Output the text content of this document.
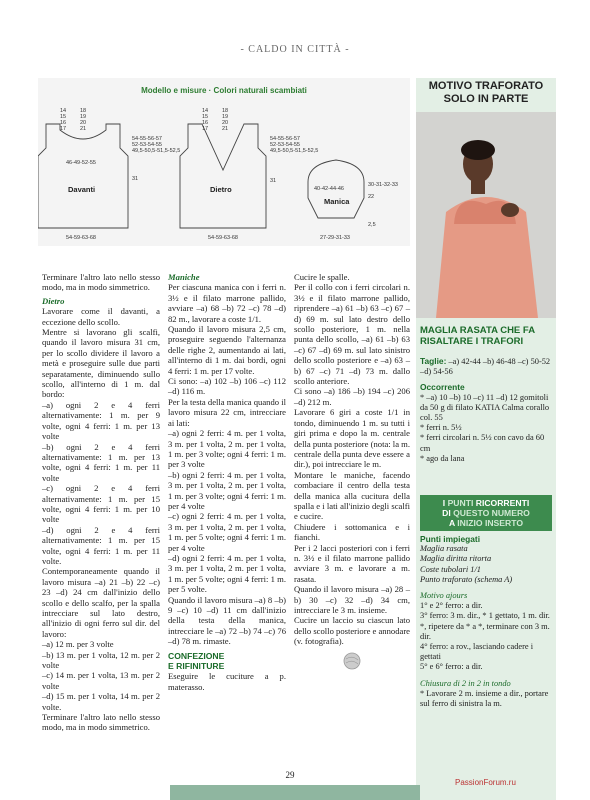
- CALDO IN CITTÀ -
Modello e misure · Colori naturali scambiati
14 15 16 17
18 19 20 21
54-55-56-57 52-53-54-55 49,5-50,5-51,5-52,5
46-49-52-55
31
54-59-63-68
14 15 16 17
18 19 20 21
54-55-56-57 52-53-54-55 49,5-50,5-51,5-52,5
31
54-59-63-68
40-42-44-46
30-31-32-33
22
2,5
27-29-31-33
Davanti	Dietro
Manica

Terminare l'altro lato nello stesso modo, ma in modo simmetrico.

Dietro

Lavorare come il davanti, a eccezione dello scollo.

Mentre si lavorano gli scalfi, quando il lavoro misura 31 cm, per lo scollo dividere il lavoro a metà e proseguire sulle due parti separatamente, diminuendo sullo scollo, all'interno di 1 m. dal bordo:

–a) ogni 2 e 4 ferri alternativamente: 1 m. per 9 volte, ogni 4 ferri: 1 m. per 13 volte

–b) ogni 2 e 4 ferri alternativamente: 1 m. per 13 volte, ogni 4 ferri: 1 m. per 11 volte

–c) ogni 2 e 4 ferri alternativamente: 1 m. per 15 volte, ogni 4 ferri: 1 m. per 10 volte

–d) ogni 2 e 4 ferri alternativamente: 1 m. per 15 volte, ogni 4 ferri: 1 m. per 11 volte.

Contemporaneamente quando il lavoro misura –a) 21 –b) 22 –c) 23 –d) 24 cm dall'inizio dello scollo e dello scalfo, per la spalla intrecciare sul lato destro, all'inizio di ogni ferro sul dir. del lavoro:

–a) 12 m. per 3 volte

–b) 13 m. per 1 volta, 12 m. per 2 volte

–c) 14 m. per 1 volta, 13 m. per 2 volte

–d) 15 m. per 1 volta, 14 m. per 2 volte.

Terminare l'altro lato nello stesso modo, ma in modo simmetrico.

Maniche

Per ciascuna manica con i ferri n. 3½ e il filato marrone pallido, avviare –a) 68 –b) 72 –c) 78 –d) 82 m., lavorare a coste 1/1.

Quando il lavoro misura 2,5 cm, proseguire seguendo l'alternanza delle righe 2, aumentando ai lati, all'interno di 1 m. dai bordi, ogni 4 ferri: 1 m. per 17 volte.

Ci sono: –a) 102 –b) 106 –c) 112 –d) 116 m.

Per la testa della manica quando il lavoro misura 22 cm, intrecciare ai lati:

–a) ogni 2 ferri: 4 m. per 1 volta, 3 m. per 1 volta, 2 m. per 1 volta, 1 m. per 3 volte; ogni 4 ferri: 1 m. per 3 volte

–b) ogni 2 ferri: 4 m. per 1 volta, 3 m. per 1 volta, 2 m. per 1 volta, 1 m. per 3 volte; ogni 4 ferri: 1 m. per 4 volte

–c) ogni 2 ferri: 4 m. per 1 volta, 3 m. per 1 volta, 2 m. per 1 volta, 1 m. per 5 volte; ogni 4 ferri: 1 m. per 4 volte

–d) ogni 2 ferri: 4 m. per 1 volta, 3 m. per 1 volta, 2 m. per 1 volta, 1 m. per 5 volte; ogni 4 ferri: 1 m. per 5 volte.

Quando il lavoro misura –a) 8 –b) 9 –c) 10 –d) 11 cm dall'inizio della testa della manica, intrecciare le –a) 72 –b) 74 –c) 76 –d) 78 m. rimaste.

CONFEZIONE

E RIFINITURE

Eseguire le cuciture a p. materasso.

Cucire le spalle.

Per il collo con i ferri circolari n. 3½ e il filato marrone pallido, riprendere –a) 61 –b) 63 –c) 67 –d) 69 m. sul lato destro dello scollo posteriore, 1 m. nella punta dello scollo, –a) 61 –b) 63 –c) 67 –d) 69 m. sul lato sinistro dello scollo posteriore e –a) 63 –b) 67 –c) 71 –d) 73 m. dallo scollo anteriore.

Ci sono –a) 186 –b) 194 –c) 206 –d) 212 m.

Lavorare 6 giri a coste 1/1 in tondo, diminuendo 1 m. su tutti i giri prima e dopo la m. centrale della punta posteriore (nota: la m. centrale della punta deve essere a dir.), poi intrecciare le m.

Montare le maniche, facendo combaciare il centro della testa della manica alla cucitura della spalla e i lati all'inizio degli scalfi e cucire.

Chiudere i sottomanica e i fianchi.

Per i 2 lacci posteriori con i ferri n. 3½ e il filato marrone pallido avviare 3 m. e lavorare a m. rasata.

Quando il lavoro misura –a) 28 –b) 30 –c) 32 –d) 34 cm, intrecciare le 3 m. insieme.

Cucire un laccio su ciascun lato dello scollo posteriore e annodare (v. fotografia).

MOTIVO TRAFORATO
SOLO IN PARTE
MAGLIA RASATA CHE FA
RISALTARE I TRAFORI

Taglie: –a) 42-44 –b) 46-48 –c) 50-52 –d) 54-56

Occorrente

* –a) 10 –b) 10 –c) 11 –d) 12 gomitoli da 50 g di filato KATIA Calma corallo col. 55

* ferri n. 5½

* ferri circolari n. 5½ con cavo da 60 cm

* ago da lana

I PUNTI RICORRENTI
DI QUESTO NUMERO
A INIZIO INSERTO

Punti impiegati

Maglia rasata

Maglia diritta ritorta

Coste tubolari 1/1

Punto traforato (schema A)

Motivo ajours

1° e 2° ferro: a dir.

3° ferro: 3 m. dir., * 1 gettato, 1 m. dir. *, ripetere da * a *, terminare con 3 m. dir.

4° ferro: a rov., lasciando cadere i gettati

5° e 6° ferro: a dir.

Chiusura di 2 in 2 in tondo

* Lavorare 2 m. insieme a dir., portare sul ferro di sinistra la m.

29
PassionForum.ru
